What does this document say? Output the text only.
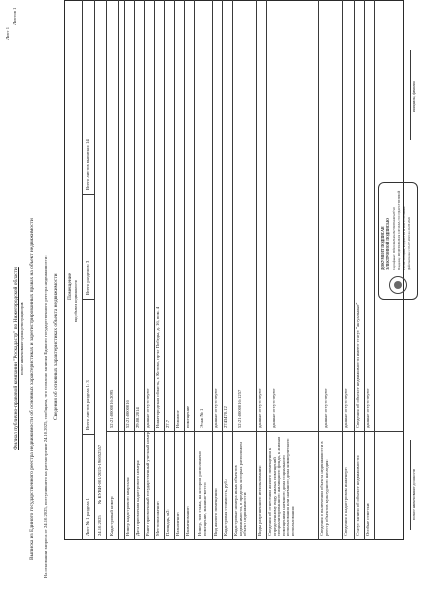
Лист 1
Листов 1
Филиал публично-правовой компании "Роскадастр" по Нижегородской области полное наименование органа регистрации прав Выписка из Единого государственного реестра недвижимости об основных характеристиках и зарегистрированных правах на объект недвижимости На основании запроса от 24.10.2025, поступившего на рассмотрение 24.10.2025, сообщаем, что согласно записям Единого государственного реестра недвижимости: Сведения об основных характеристиках объекта недвижимости Помещение вид объекта недвижимости
Лист № 1 раздела 1
Всего листов раздела 1: 3
Всего разделов: 3
Всего листов выписки: 14
24.10.2025
№ КУВИ-001/2025-196052557
Кадастровый номер:
52:21:0000016:2095
Номер кадастрового квартала:
52:21:0000016
Дата присвоения кадастрового номера:
29.08.2014
Ранее присвоенный государственный учетный номер:
данные отсутствуют
Местоположение:
Нижегородская область, г. Кстово, пр-кт Победы, д. 16, пом. 4
Площадь, м2:
27.7
Назначение:
Нежилое
Наименование:
помещение
Номер, тип этажа, на котором расположено помещение, машино-место:
Этаж № 1
Вид жилого помещения:
данные отсутствуют
Кадастровая стоимость, руб.:
2743470.12
Кадастровые номера иных объектов недвижимости, в пределах которых расположен объект недвижимости:
52:21:0000016:1257
Виды разрешенного использования:
данные отсутствуют
Сведения об отнесении жилого помещения к определенному виду жилых помещений специализированного жилищного фонда, к жилым помещениям наемного дома социального использования или наемного дома коммерческого использования:
данные отсутствуют
Сведения о включении объекта недвижимости в реестр объектов культурного наследия:
данные отсутствуют
Сведения о кадастровом инженере:
данные отсутствуют
Статус записи об объекте недвижимости:
Сведения об объекте недвижимости имеют статус "актуальные"
Особые отметки:
данные отсутствуют
ДОКУМЕНТ ПОДПИСАН ЭЛЕКТРОННОЙ ПОДПИСЬЮ Сертификат: 00fd3c4b29a0e28e70b05b2d65a9f7e0 Владелец: ФЕДЕРАЛЬНАЯ СЛУЖБА ГОСУДАРСТВЕННОЙ РЕГИСТРАЦИИ, КАДАСТРА И КАРТОГРАФИИ Действителен: с 03.07.2025 по 26.09.2026
полное наименование должности
инициалы, фамилия
